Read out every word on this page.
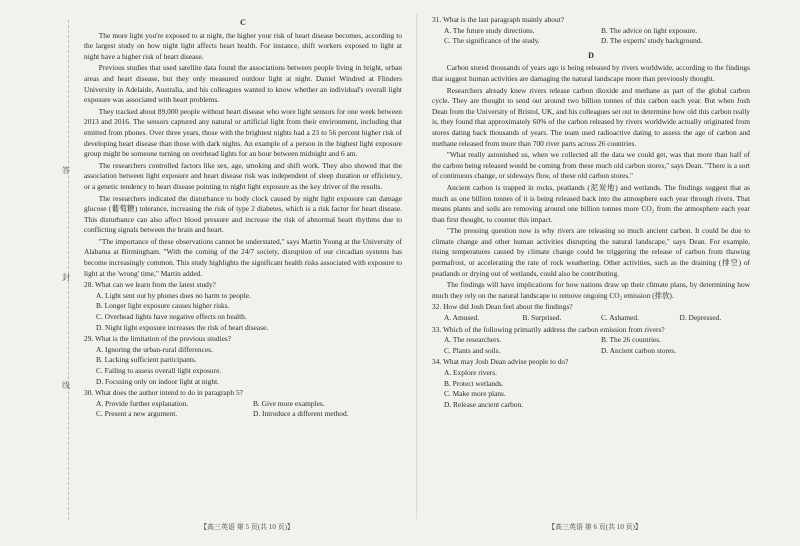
答
封
线
C

The more light you're exposed to at night, the higher your risk of heart disease becomes, according to the largest study on how night light affects heart health. For instance, shift workers exposed to light at night have a higher risk of heart disease.

Previous studies that used satellite data found the associations between people living in bright, urban areas and heart disease, but they only measured outdoor light at night. Daniel Windred at Flinders University in Adelaide, Australia, and his colleagues wanted to know whether an individual's overall light exposure was associated with heart problems.

They tracked about 89,000 people without heart disease who wore light sensors for one week between 2013 and 2016. The sensors captured any natural or artificial light from their environment, including that emitted from phones. Over three years, those with the brightest nights had a 23 to 56 percent higher risk of developing heart disease than those with dark nights. An example of a person in the highest light exposure group might be someone turning on overhead lights for an hour between midnight and 6 am.

The researchers controlled factors like sex, age, smoking and shift work. They also showed that the association between light exposure and heart disease risk was independent of sleep duration or efficiency, or a genetic tendency to heart disease pointing to night light exposure as the key driver of the results.

The researchers indicated the disturbance to body clock caused by night light exposure can damage glucose (葡萄糖) tolerance, increasing the risk of type 2 diabetes, which is a risk factor for heart disease. This disturbance can also affect blood pressure and increase the risk of abnormal heart rhythms due to conflicting signals between the brain and heart.

"The importance of these observations cannot be understated," says Martin Young at the University of Alabama at Birmingham. "With the coming of the 24/7 society, disruption of our circadian systems has become increasingly common. This study highlights the significant health risks associated with exposure to light at the 'wrong' time," Martin added.

28. What can we learn from the latest study?
A. Light sent out by phones does no harm to people.
B. Longer light exposure causes higher risks.
C. Overhead lights have negative effects on health.
D. Night light exposure increases the risk of heart disease.
29. What is the limitation of the previous studies?
A. Ignoring the urban-rural differences.
B. Lacking sufficient participants.
C. Failing to assess overall light exposure.
D. Focusing only on indoor light at night.
30. What does the author intend to do in paragraph 5?
A. Provide further explanation.	B. Give more examples.
C. Present a new argument.	D. Introduce a different method.
31. What is the last paragraph mainly about?
A. The future study directions.	B. The advice on light exposure.
C. The significance of the study.	D. The experts' study background.
D

Carbon stored thousands of years ago is being released by rivers worldwide, according to the findings that suggest human activities are damaging the natural landscape more than previously thought.

Researchers already knew rivers release carbon dioxide and methane as part of the global carbon cycle. They are thought to send out around two billion tonnes of this carbon each year. But when Josh Dean from the University of Bristol, UK, and his colleagues set out to determine how old this carbon really is, they found that approximately 60% of the carbon released by rivers worldwide actually originated from stores dating back thousands of years. The team used radioactive dating to assess the age of carbon and methane released from more than 700 river parts across 26 countries.

"What really astonished us, when we collected all the data we could get, was that more than half of the carbon being released would be coming from these much old carbon stores," says Dean. "There is a sort of continuous change, or sideways flow, of these old carbon stores."

Ancient carbon is trapped in rocks, peatlands (泥炭地) and wetlands. The findings suggest that as much as one billion tonnes of it is being released back into the atmosphere each year through rivers. That means plants and soils are removing around one billion tonnes more CO₂ from the atmosphere each year than first thought, to counter this impact.

"The pressing question now is why rivers are releasing so much ancient carbon. It could be due to climate change and other human activities disrupting the natural landscape," says Dean. For example, rising temperatures caused by climate change could be triggering the release of carbon from thawing permafrost, or accelerating the rate of rock weathering. Other activities, such as the draining (排空) of peatlands or drying out of wetlands, could also be contributing.

The findings will have implications for how nations draw up their climate plans, by determining how much they rely on the natural landscape to remove ongoing CO₂ emission (排放).

32. How did Josh Dean feel about the findings?
A. Amused.	B. Surprised.	C. Ashamed.	D. Depressed.
33. Which of the following primarily address the carbon emission from rivers?
A. The researchers.	B. The 26 countries.
C. Plants and soils.	D. Ancient carbon stores.
34. What may Josh Dean advise people to do?
A. Explore rivers.
B. Protect wetlands.
C. Make more plans.
D. Release ancient carbon.
【高三英语 第 5 页(共 10 页)】	【高三英语 第 6 页(共 10 页)】
